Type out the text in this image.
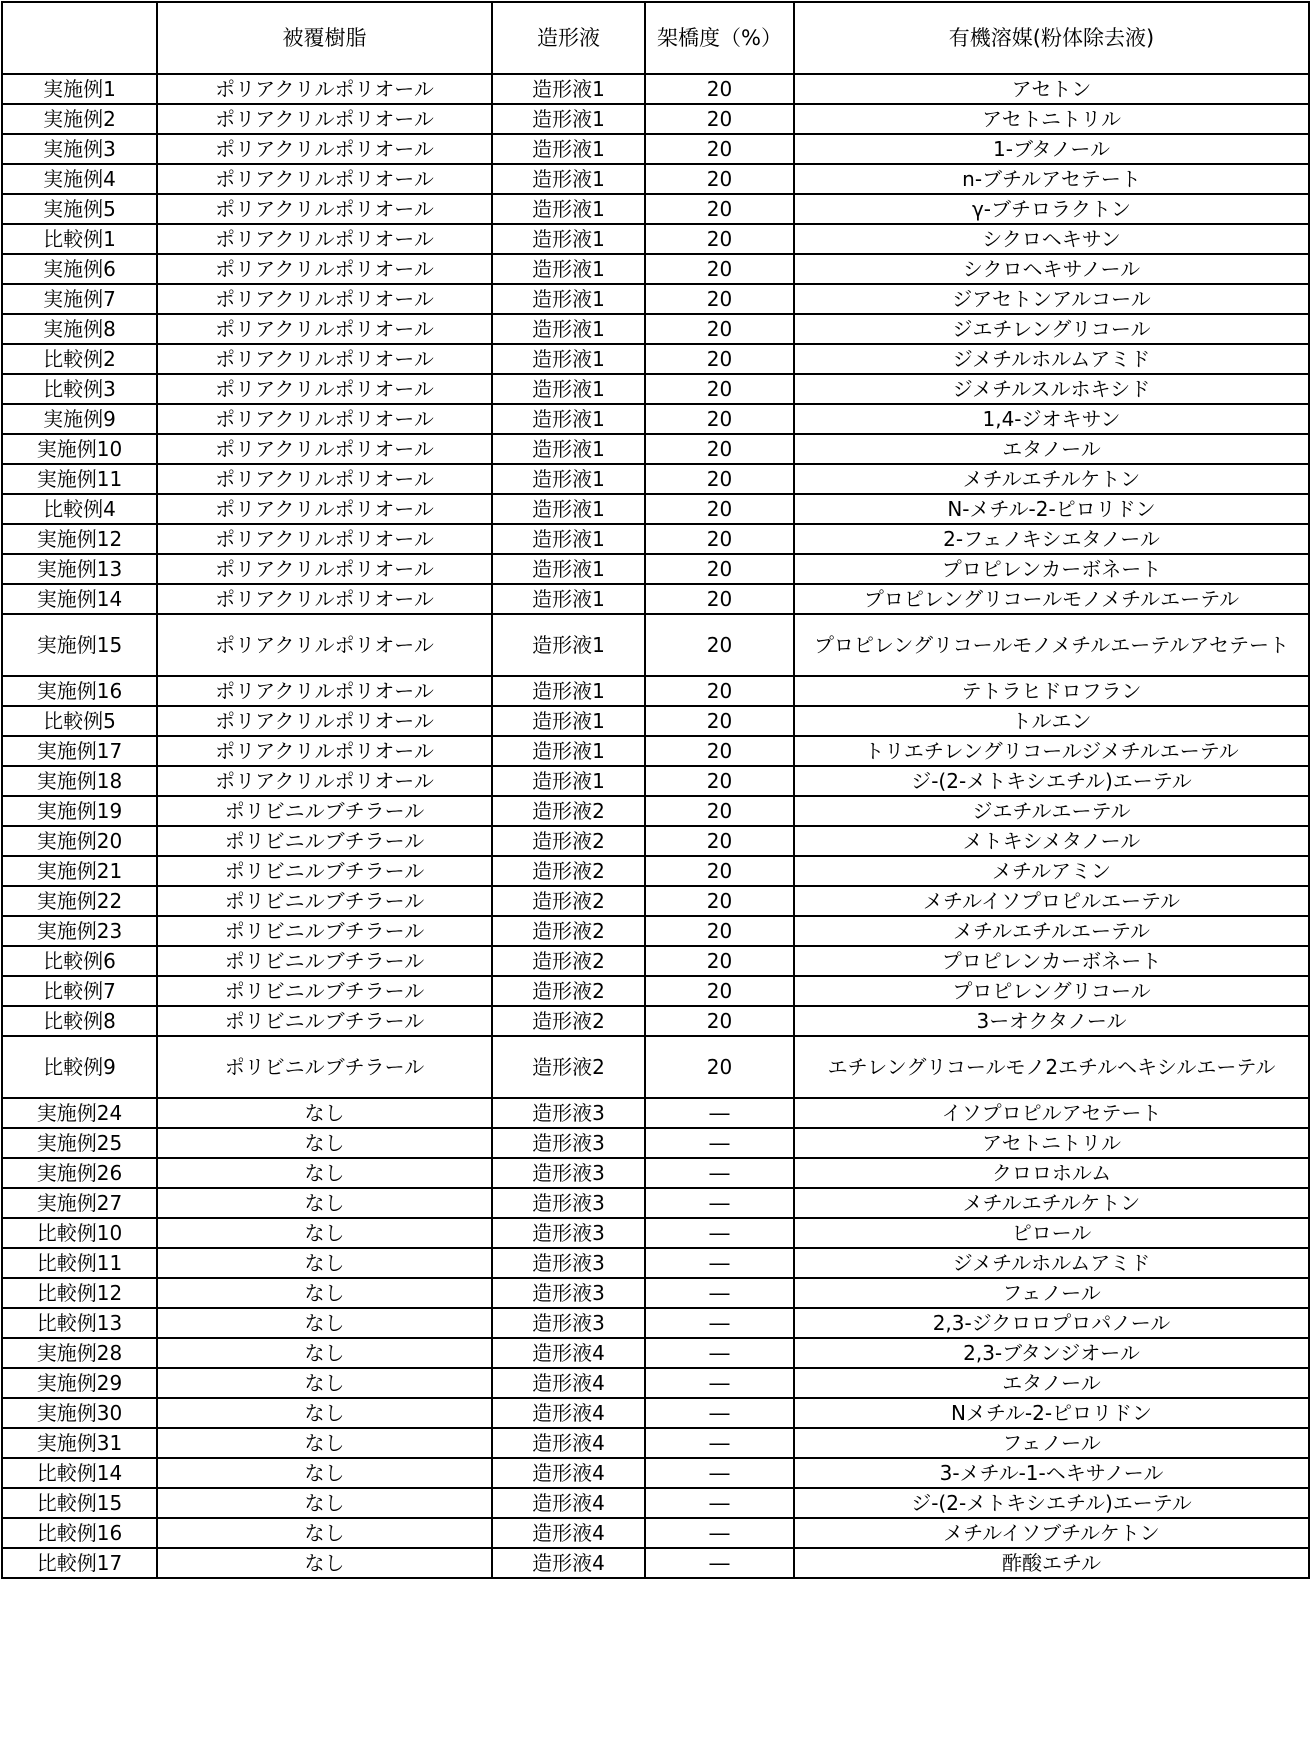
	被覆樹脂	造形液	架橋度（%）	有機溶媒(粉体除去液)
実施例1	ポリアクリルポリオール	造形液1	20	アセトン
実施例2	ポリアクリルポリオール	造形液1	20	アセトニトリル
実施例3	ポリアクリルポリオール	造形液1	20	1-ブタノール
実施例4	ポリアクリルポリオール	造形液1	20	n-ブチルアセテート
実施例5	ポリアクリルポリオール	造形液1	20	γ-ブチロラクトン
比較例1	ポリアクリルポリオール	造形液1	20	シクロヘキサン
実施例6	ポリアクリルポリオール	造形液1	20	シクロヘキサノール
実施例7	ポリアクリルポリオール	造形液1	20	ジアセトンアルコール
実施例8	ポリアクリルポリオール	造形液1	20	ジエチレングリコール
比較例2	ポリアクリルポリオール	造形液1	20	ジメチルホルムアミド
比較例3	ポリアクリルポリオール	造形液1	20	ジメチルスルホキシド
実施例9	ポリアクリルポリオール	造形液1	20	1,4-ジオキサン
実施例10	ポリアクリルポリオール	造形液1	20	エタノール
実施例11	ポリアクリルポリオール	造形液1	20	メチルエチルケトン
比較例4	ポリアクリルポリオール	造形液1	20	N-メチル-2-ピロリドン
実施例12	ポリアクリルポリオール	造形液1	20	2-フェノキシエタノール
実施例13	ポリアクリルポリオール	造形液1	20	プロピレンカーボネート
実施例14	ポリアクリルポリオール	造形液1	20	プロピレングリコールモノメチルエーテル
実施例15	ポリアクリルポリオール	造形液1	20	プロピレングリコールモノメチルエーテルアセテート
実施例16	ポリアクリルポリオール	造形液1	20	テトラヒドロフラン
比較例5	ポリアクリルポリオール	造形液1	20	トルエン
実施例17	ポリアクリルポリオール	造形液1	20	トリエチレングリコールジメチルエーテル
実施例18	ポリアクリルポリオール	造形液1	20	ジ-(2-メトキシエチル)エーテル
実施例19	ポリビニルブチラール	造形液2	20	ジエチルエーテル
実施例20	ポリビニルブチラール	造形液2	20	メトキシメタノール
実施例21	ポリビニルブチラール	造形液2	20	メチルアミン
実施例22	ポリビニルブチラール	造形液2	20	メチルイソプロピルエーテル
実施例23	ポリビニルブチラール	造形液2	20	メチルエチルエーテル
比較例6	ポリビニルブチラール	造形液2	20	プロピレンカーボネート
比較例7	ポリビニルブチラール	造形液2	20	プロピレングリコール
比較例8	ポリビニルブチラール	造形液2	20	3ーオクタノール
比較例9	ポリビニルブチラール	造形液2	20	エチレングリコールモノ2エチルヘキシルエーテル
実施例24	なし	造形液3	―	イソプロピルアセテート
実施例25	なし	造形液3	―	アセトニトリル
実施例26	なし	造形液3	―	クロロホルム
実施例27	なし	造形液3	―	メチルエチルケトン
比較例10	なし	造形液3	―	ピロール
比較例11	なし	造形液3	―	ジメチルホルムアミド
比較例12	なし	造形液3	―	フェノール
比較例13	なし	造形液3	―	2,3-ジクロロプロパノール
実施例28	なし	造形液4	―	2,3-ブタンジオール
実施例29	なし	造形液4	―	エタノール
実施例30	なし	造形液4	―	Nメチル-2-ピロリドン
実施例31	なし	造形液4	―	フェノール
比較例14	なし	造形液4	―	3-メチル-1-ヘキサノール
比較例15	なし	造形液4	―	ジ-(2-メトキシエチル)エーテル
比較例16	なし	造形液4	―	メチルイソブチルケトン
比較例17	なし	造形液4	―	酢酸エチル
